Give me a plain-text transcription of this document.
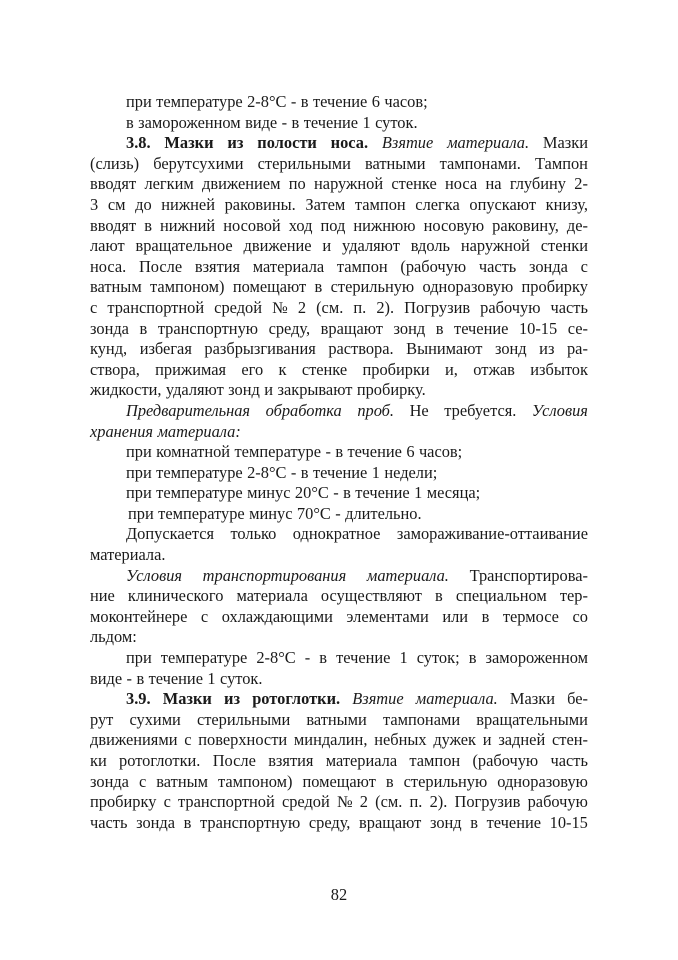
при температуре 2-8°С - в течение 6 часов;
в замороженном виде - в течение 1 суток.
3.8. Мазки из полости носа. Взятие материала. Мазки
(слизь) берутсухими стерильными ватными тампонами. Тампон
вводят легким движением по наружной стенке носа на глубину 2-
3 см до нижней раковины. Затем тампон слегка опускают книзу,
вводят в нижний носовой ход под нижнюю носовую раковину, де-
лают вращательное движение и удаляют вдоль наружной стенки
носа. После взятия материала тампон (рабочую часть зонда с
ватным тампоном) помещают в стерильную одноразовую пробирку
с транспортной средой № 2 (см. п. 2). Погрузив рабочую часть
зонда в транспортную среду, вращают зонд в течение 10-15 се-
кунд, избегая разбрызгивания раствора. Вынимают зонд из ра-
створа, прижимая его к стенке пробирки и, отжав избыток
жидкости, удаляют зонд и закрывают пробирку.
Предварительная обработка проб. Не требуется. Условия
хранения материала:
при комнатной температуре - в течение 6 часов;
при температуре 2-8°С - в течение 1 недели;
при температуре минус 20°С - в течение 1 месяца;
при температуре минус 70°С - длительно.
Допускается только однократное замораживание-оттаивание
материала.
Условия транспортирования материала. Транспортирова-
ние клинического материала осуществляют в специальном тер-
моконтейнере с охлаждающими элементами или в термосе со
льдом:
при температуре 2-8°С - в течение 1 суток; в замороженном
виде - в течение 1 суток.
3.9. Мазки из ротоглотки. Взятие материала. Мазки бе-
рут сухими стерильными ватными тампонами вращательными
движениями с поверхности миндалин, небных дужек и задней стен-
ки ротоглотки. После взятия материала тампон (рабочую часть
зонда с ватным тампоном) помещают в стерильную одноразовую
пробирку с транспортной средой № 2 (см. п. 2). Погрузив рабочую
часть зонда в транспортную среду, вращают зонд в течение 10-15
82
